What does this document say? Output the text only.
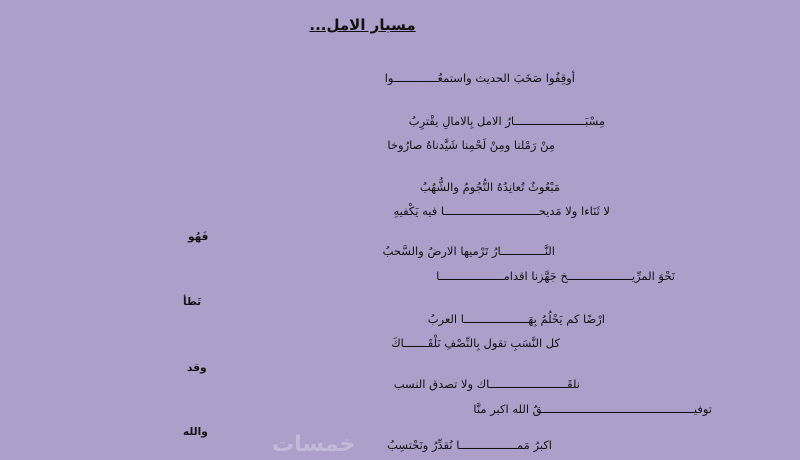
مسبار الامل...
أوقِفُوا صَخَبَ الحديث واستمعُـــــــــــــوا
مِسْبَـــــــــــــــــــــارُ الامل بِالامالِ يقْترِبُ
مِنْ رَمْلنا ومِنْ لَحْمِنا شَيَّدناهُ صارُوخا
مَبْعُوثٌ تُعانِدُهُ النُّجُومُ والشُّهُبُ
لا ثَنَاءا ولا مَديحــــــــــــــــــــــــــــا فيه يَكْفيهِ
فَهُو
النَّـــــــــــــارُ تَرْميها الارضُ والسَّحبُ
نَحْوَ المرِّيـــــــــــــــــــخ جَهَّزنا اقدامـــــــــــــــــــا
تَطأ
ارْضًا كم يَحْلُمُ بِهَـــــــــــــــــــا العربُ
كل النَّسَبِ تقول بِالنِّصْفِ نَلْقَـــــــاكَ
وقد
نلقَـــــــــــــــــــــــاك ولا تصدق النسب
توفيـــــــــــــــــــــــــــــــــــــــــــــقٌ الله اكبر منَّا
والله
اكبرُ مَمـــــــــــــــــا نُقدِّرُ ونَحْتسِبُ
خمسات
